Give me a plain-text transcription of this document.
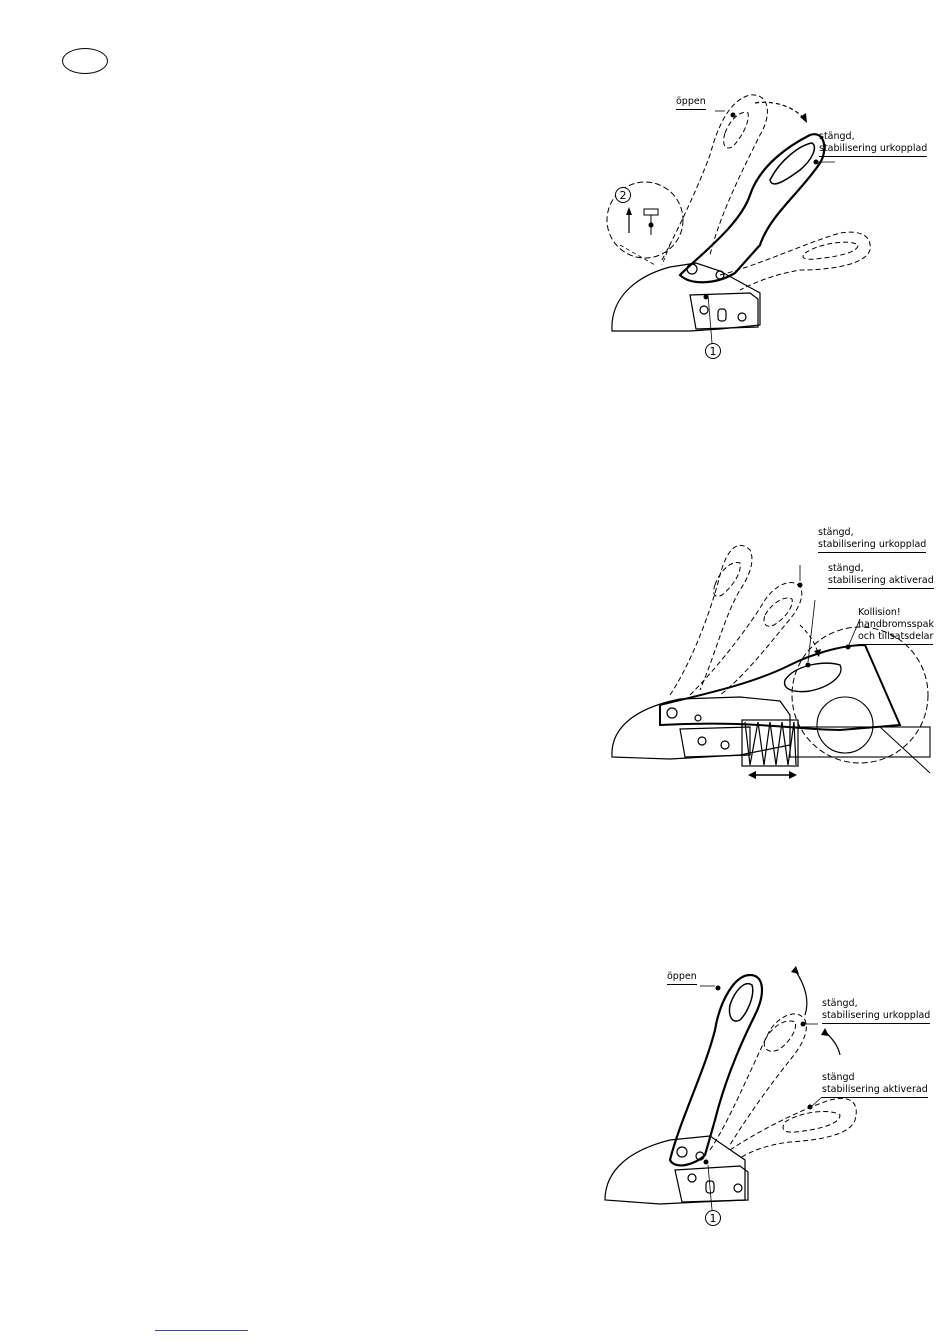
öppen
stängd,
stabilisering urkopplad
2
1
stängd,
stabilisering urkopplad
stängd,
stabilisering aktiverad
Kollision!
handbromsspak
och tillsatsdelar
öppen
stängd,
stabilisering urkopplad
stängd
stabilisering aktiverad
1
